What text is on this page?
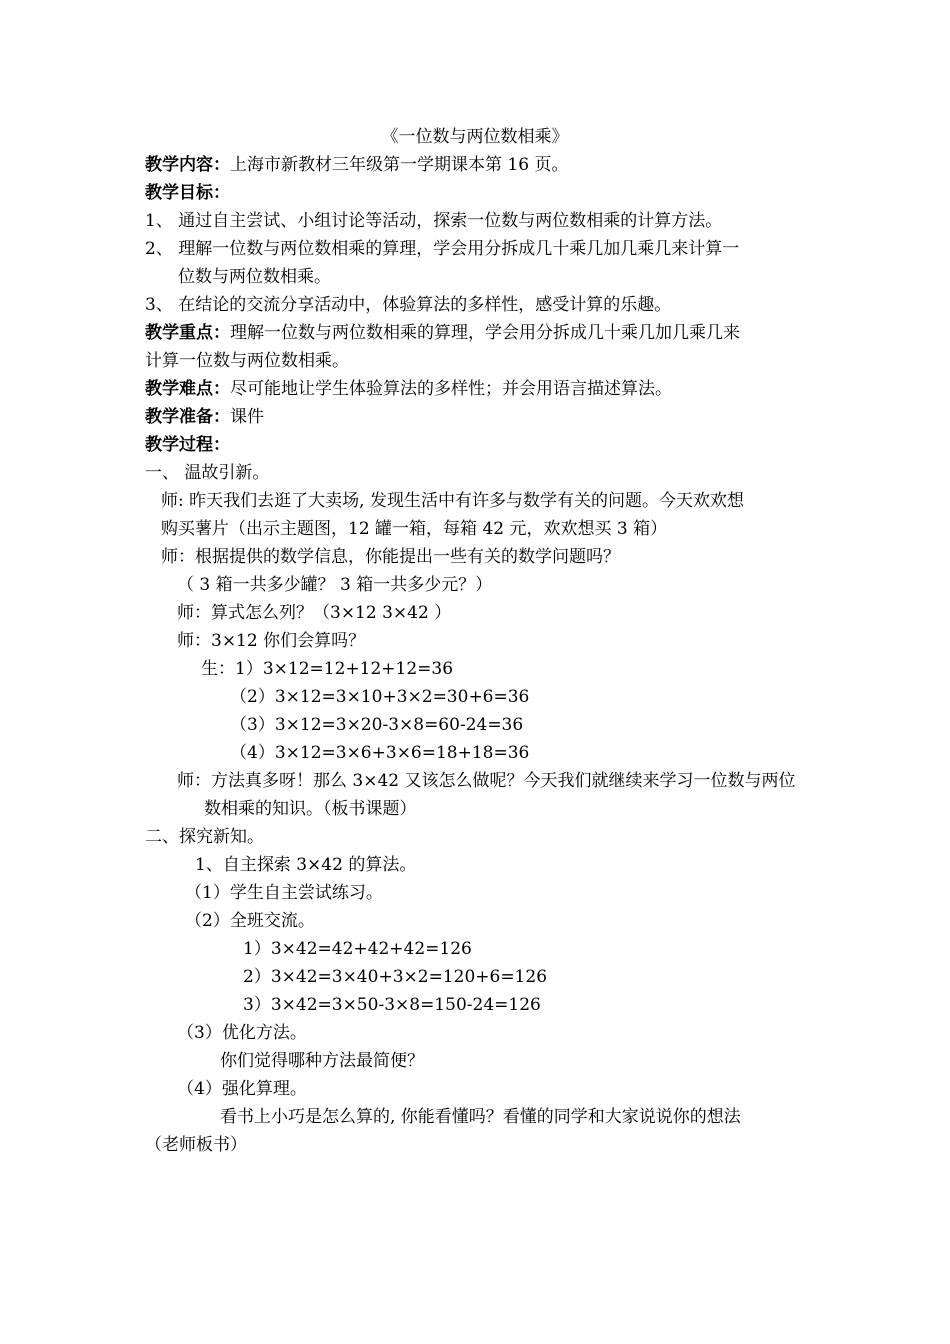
《一位数与两位数相乘》
教学内容：上海市新教材三年级第一学期课本第 16 页。
教学目标：
1、 通过自主尝试、小组讨论等活动，探索一位数与两位数相乘的计算方法。
2、 理解一位数与两位数相乘的算理，学会用分拆成几十乘几加几乘几来计算一
位数与两位数相乘。
3、 在结论的交流分享活动中，体验算法的多样性，感受计算的乐趣。
教学重点：理解一位数与两位数相乘的算理，学会用分拆成几十乘几加几乘几来
计算一位数与两位数相乘。
教学难点：尽可能地让学生体验算法的多样性；并会用语言描述算法。
教学准备：课件
教学过程：
一、 温故引新。
师: 昨天我们去逛了大卖场, 发现生活中有许多与数学有关的问题。今天欢欢想
购买薯片（出示主题图，12 罐一箱，每箱 42 元，欢欢想买 3 箱）
师：根据提供的数学信息，你能提出一些有关的数学问题吗？
（ 3 箱一共多少罐？ 3 箱一共多少元？）
师：算式怎么列？（3×12 3×42 ）
师：3×12 你们会算吗？
生：1）3×12=12+12+12=36
（2）3×12=3×10+3×2=30+6=36
（3）3×12=3×20-3×8=60-24=36
（4）3×12=3×6+3×6=18+18=36
师：方法真多呀！那么 3×42 又该怎么做呢？今天我们就继续来学习一位数与两位
数相乘的知识。（板书课题）
二、探究新知。
1、自主探索 3×42 的算法。
（1）学生自主尝试练习。
（2）全班交流。
1）3×42=42+42+42=126
2）3×42=3×40+3×2=120+6=126
3）3×42=3×50-3×8=150-24=126
（3）优化方法。
你们觉得哪种方法最简便？
（4）强化算理。
看书上小巧是怎么算的, 你能看懂吗？看懂的同学和大家说说你的想法
（老师板书）
